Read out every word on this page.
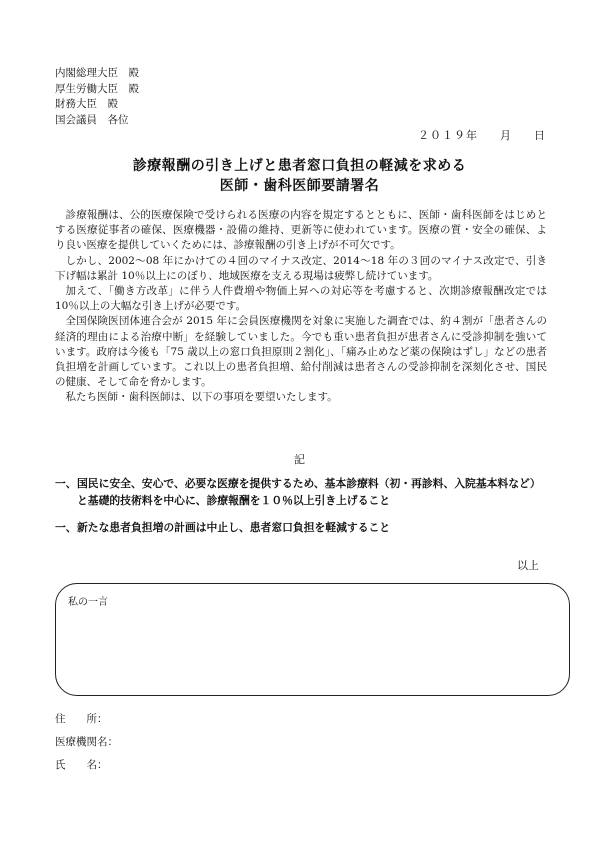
内閣総理大臣　殿
厚生労働大臣　殿
財務大臣　殿
国会議員　各位
２０１９年 月 日
診療報酬の引き上げと患者窓口負担の軽減を求める
医師・歯科医師要請署名

診療報酬は、公的医療保険で受けられる医療の内容を規定するとともに、医師・歯科医師をはじめとする医療従事者の確保、医療機器・設備の維持、更新等に使われています。医療の質・安全の確保、より良い医療を提供していくためには、診療報酬の引き上げが不可欠です。

しかし、2002～08 年にかけての４回のマイナス改定、2014～18 年の３回のマイナス改定で、引き下げ幅は累計 10％以上にのぼり、地域医療を支える現場は疲弊し続けています。

加えて、「働き方改革」に伴う人件費増や物価上昇への対応等を考慮すると、次期診療報酬改定では 10％以上の大幅な引き上げが必要です。

全国保険医団体連合会が 2015 年に会員医療機関を対象に実施した調査では、約４割が「患者さんの経済的理由による治療中断」を経験していました。今でも重い患者負担が患者さんに受診抑制を強いています。政府は今後も「75 歳以上の窓口負担原則２割化」、「痛み止めなど薬の保険はずし」などの患者負担増を計画しています。これ以上の患者負担増、給付削減は患者さんの受診抑制を深刻化させ、国民の健康、そして命を脅かします。

私たち医師・歯科医師は、以下の事項を要望いたします。

記
一、 国民に安全、安心で、必要な医療を提供するため、基本診療料（初・再診料、入院基本料など）と基礎的技術料を中心に、診療報酬を１０％以上引き上げること
一、 新たな患者負担増の計画は中止し、患者窓口負担を軽減すること
以上
私の一言
住　　所：
医療機関名：
氏　　名：
